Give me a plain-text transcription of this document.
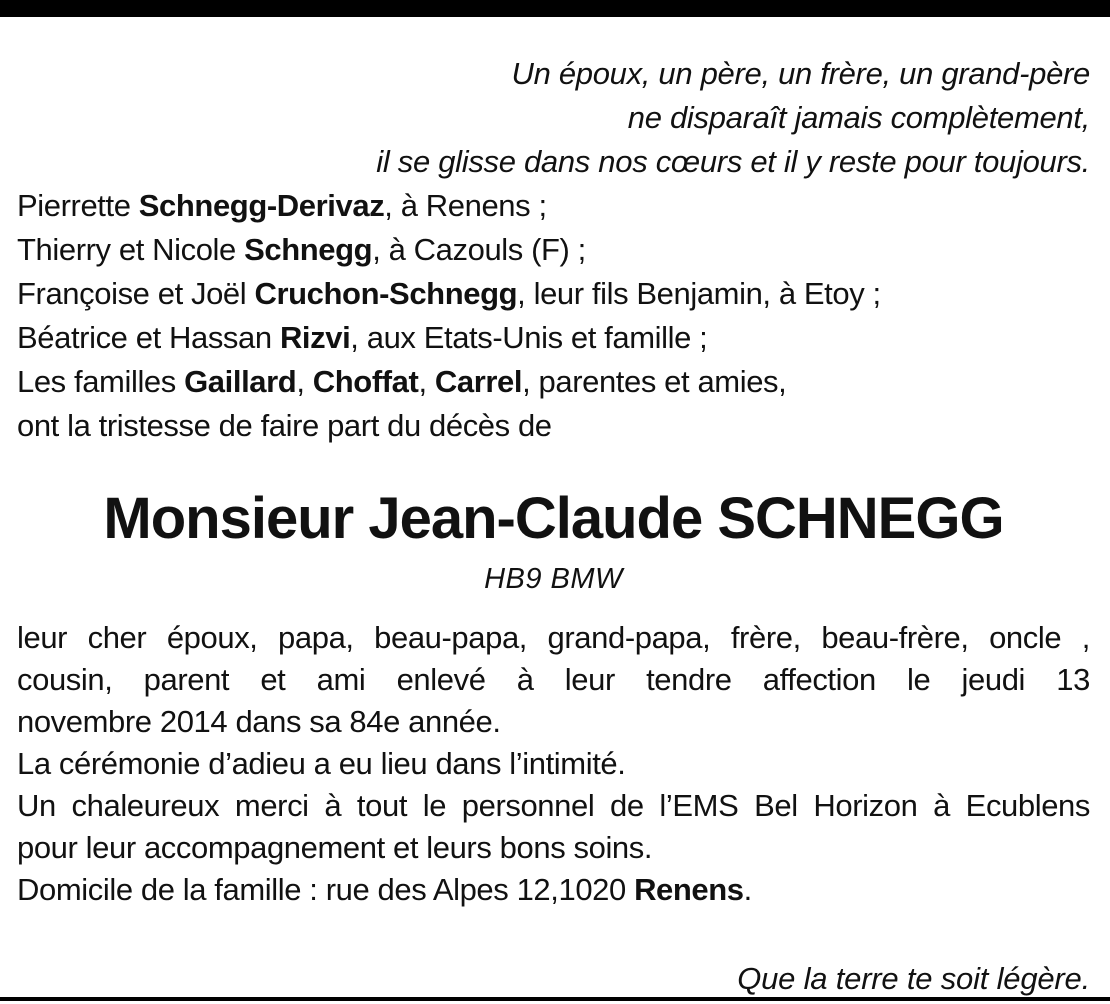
Un époux, un père, un frère, un grand-père
ne disparaît jamais complètement,
il se glisse dans nos cœurs et il y reste pour toujours.
Pierrette Schnegg-Derivaz, à Renens ;
Thierry et Nicole Schnegg, à Cazouls (F) ;
Françoise et Joël Cruchon-Schnegg, leur fils Benjamin, à Etoy ;
Béatrice et Hassan Rizvi, aux Etats-Unis et famille ;
Les familles Gaillard, Choffat, Carrel, parentes et amies,
ont la tristesse de faire part du décès de
Monsieur Jean-Claude SCHNEGG
HB9 BMW
leur cher époux, papa, beau-papa, grand-papa, frère, beau-frère, oncle ,
cousin, parent et ami enlevé à leur tendre affection le jeudi 13

novembre 2014 dans sa 84e année.

La cérémonie d’adieu a eu lieu dans l’intimité.

Un chaleureux merci à tout le personnel de l’EMS Bel Horizon à Ecublens

pour leur accompagnement et leurs bons soins.

Domicile de la famille : rue des Alpes 12,1020 Renens.

Que la terre te soit légère.
